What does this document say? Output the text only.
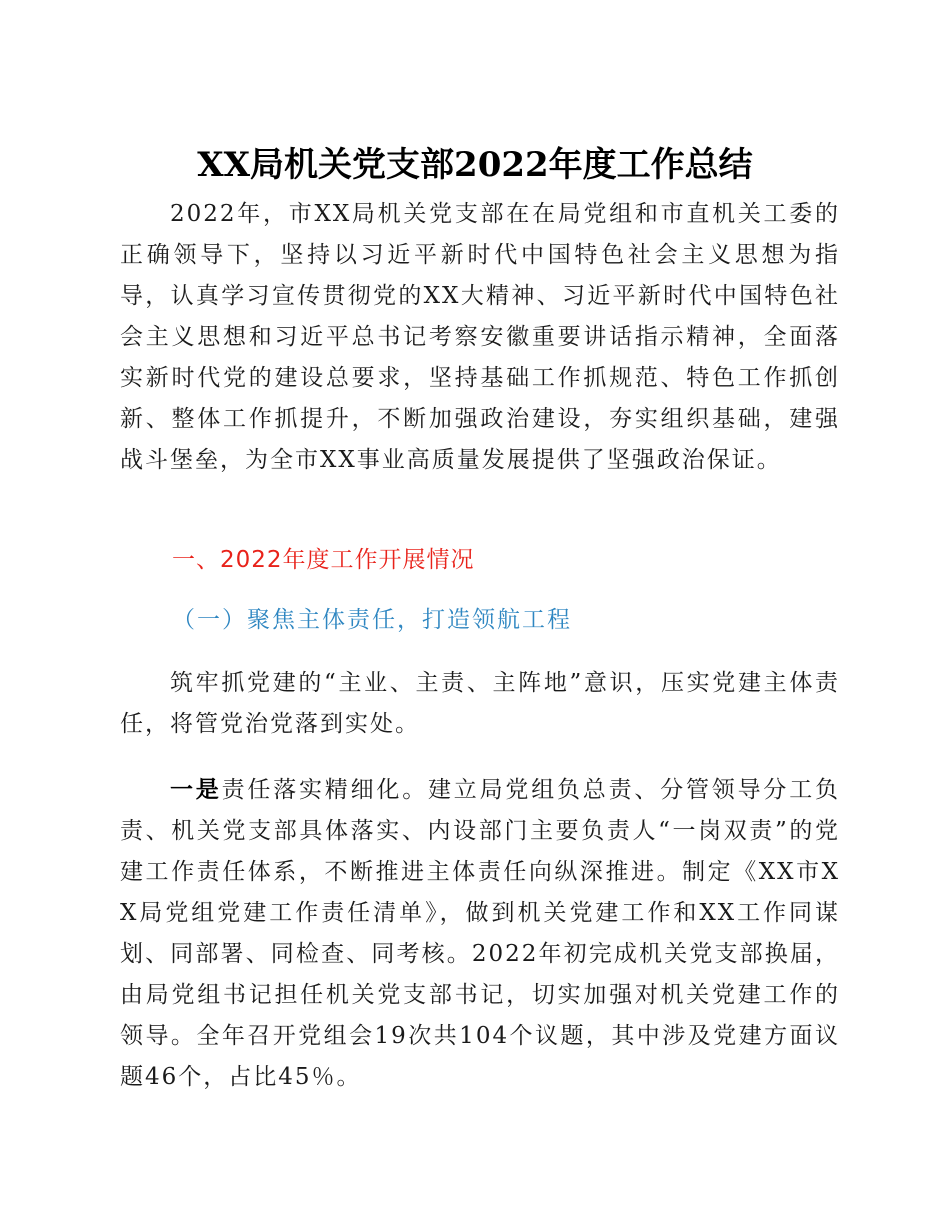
XX局机关党支部2022年度工作总结

2022年，市XX局机关党支部在在局党组和市直机关工委的正确领导下，坚持以习近平新时代中国特色社会主义思想为指导，认真学习宣传贯彻党的XX大精神、习近平新时代中国特色社会主义思想和习近平总书记考察安徽重要讲话指示精神，全面落实新时代党的建设总要求，坚持基础工作抓规范、特色工作抓创新、整体工作抓提升，不断加强政治建设，夯实组织基础，建强战斗堡垒，为全市XX事业高质量发展提供了坚强政治保证。

一、2022年度工作开展情况
（一）聚焦主体责任，打造领航工程

筑牢抓党建的“主业、主责、主阵地”意识，压实党建主体责任，将管党治党落到实处。

一是责任落实精细化。建立局党组负总责、分管领导分工负责、机关党支部具体落实、内设部门主要负责人“一岗双责”的党建工作责任体系，不断推进主体责任向纵深推进。制定《XX市XX局党组党建工作责任清单》，做到机关党建工作和XX工作同谋划、同部署、同检查、同考核。2022年初完成机关党支部换届，由局党组书记担任机关党支部书记，切实加强对机关党建工作的领导。全年召开党组会19次共104个议题，其中涉及党建方面议题46个，占比45％。
